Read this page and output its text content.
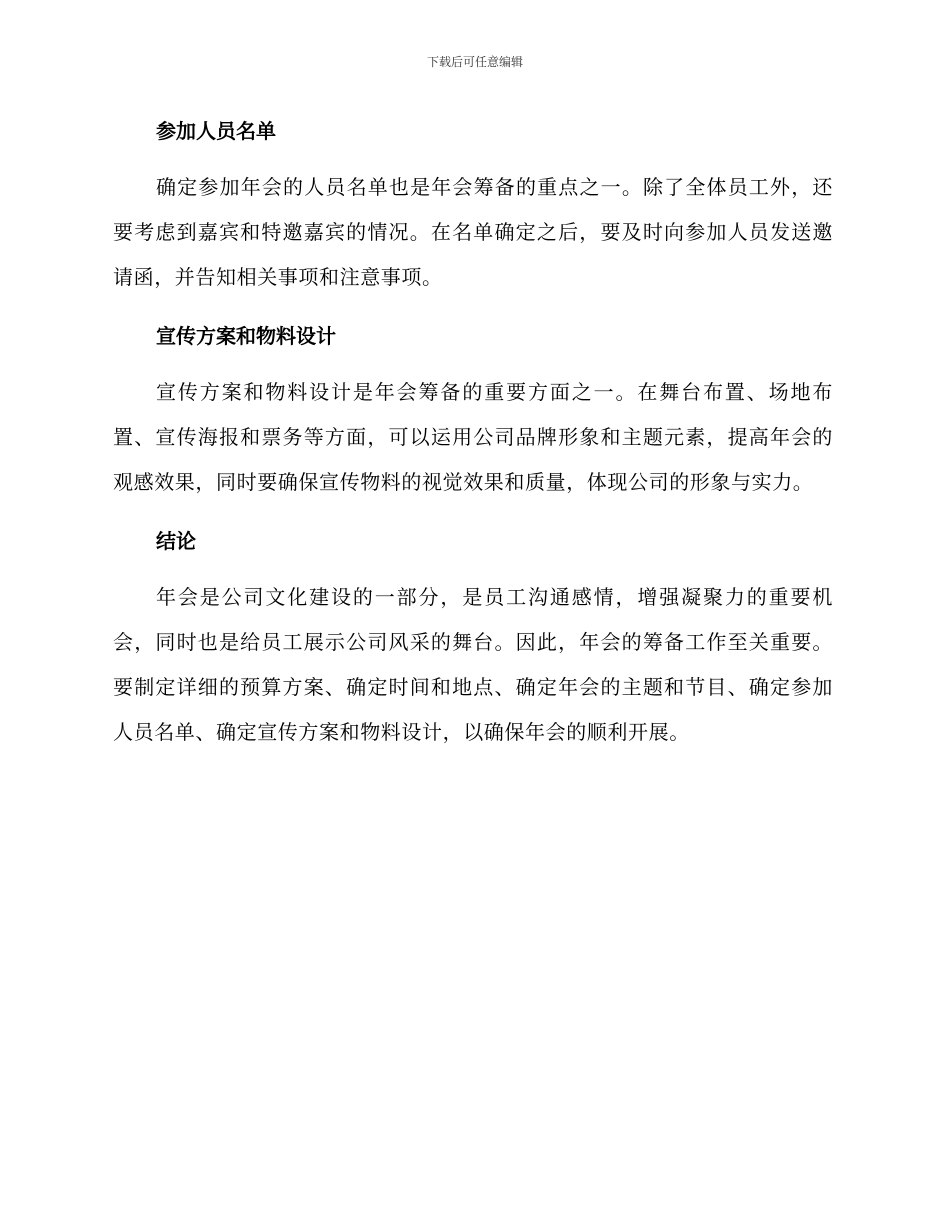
下载后可任意编辑
参加人员名单

确定参加年会的人员名单也是年会筹备的重点之一。除了全体员工外，还要考虑到嘉宾和特邀嘉宾的情况。在名单确定之后，要及时向参加人员发送邀请函，并告知相关事项和注意事项。

宣传方案和物料设计

宣传方案和物料设计是年会筹备的重要方面之一。在舞台布置、场地布置、宣传海报和票务等方面，可以运用公司品牌形象和主题元素，提高年会的观感效果，同时要确保宣传物料的视觉效果和质量，体现公司的形象与实力。

结论

年会是公司文化建设的一部分，是员工沟通感情，增强凝聚力的重要机会，同时也是给员工展示公司风采的舞台。因此，年会的筹备工作至关重要。要制定详细的预算方案、确定时间和地点、确定年会的主题和节目、确定参加人员名单、确定宣传方案和物料设计，以确保年会的顺利开展。
